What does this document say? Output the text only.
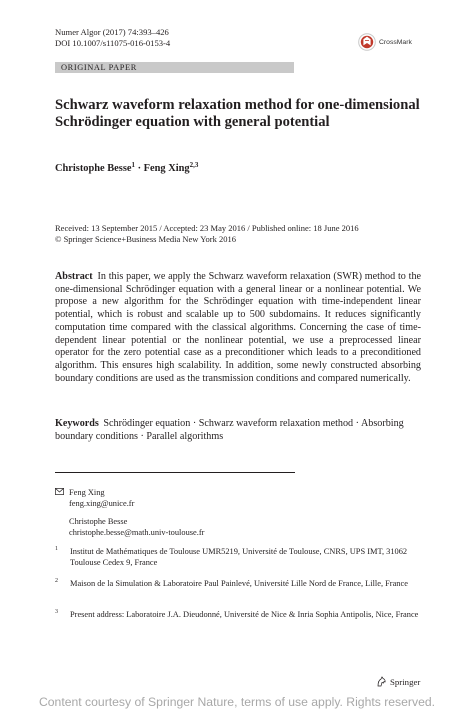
Numer Algor (2017) 74:393–426
DOI 10.1007/s11075-016-0153-4	CrossMark
ORIGINAL PAPER
Schwarz waveform relaxation method for one-dimensional Schrödinger equation with general potential
Christophe Besse$^1$ · Feng Xing$^{2,3}$
Received: 13 September 2015 / Accepted: 23 May 2016 / Published online: 18 June 2016
© Springer Science+Business Media New York 2016

Abstract In this paper, we apply the Schwarz waveform relaxation (SWR) method to the one-dimensional Schrödinger equation with a general linear or a nonlinear potential. We propose a new algorithm for the Schrödinger equation with time-independent linear potential, which is robust and scalable up to 500 subdomains. It reduces significantly computation time compared with the classical algorithms. Concerning the case of time-dependent linear potential or the nonlinear potential, we use a preprocessed linear operator for the zero potential case as a preconditioner which leads to a preconditioned algorithm. This ensures high scalability. In addition, some newly constructed absorbing boundary conditions are used as the transmission conditions and compared numerically.

Keywords Schrödinger equation · Schwarz waveform relaxation method · Absorbing boundary conditions · Parallel algorithms

Feng Xing
feng.xing@unice.fr
Christophe Besse
christophe.besse@math.univ-toulouse.fr
1 Institut de Mathématiques de Toulouse UMR5219, Université de Toulouse, CNRS, UPS IMT, 31062 Toulouse Cedex 9, France
2 Maison de la Simulation & Laboratoire Paul Painlevé, Université Lille Nord de France, Lille, France
3 Present address: Laboratoire J.A. Dieudonné, Université de Nice & Inria Sophia Antipolis, Nice, France
Springer
Content courtesy of Springer Nature, terms of use apply. Rights reserved.
